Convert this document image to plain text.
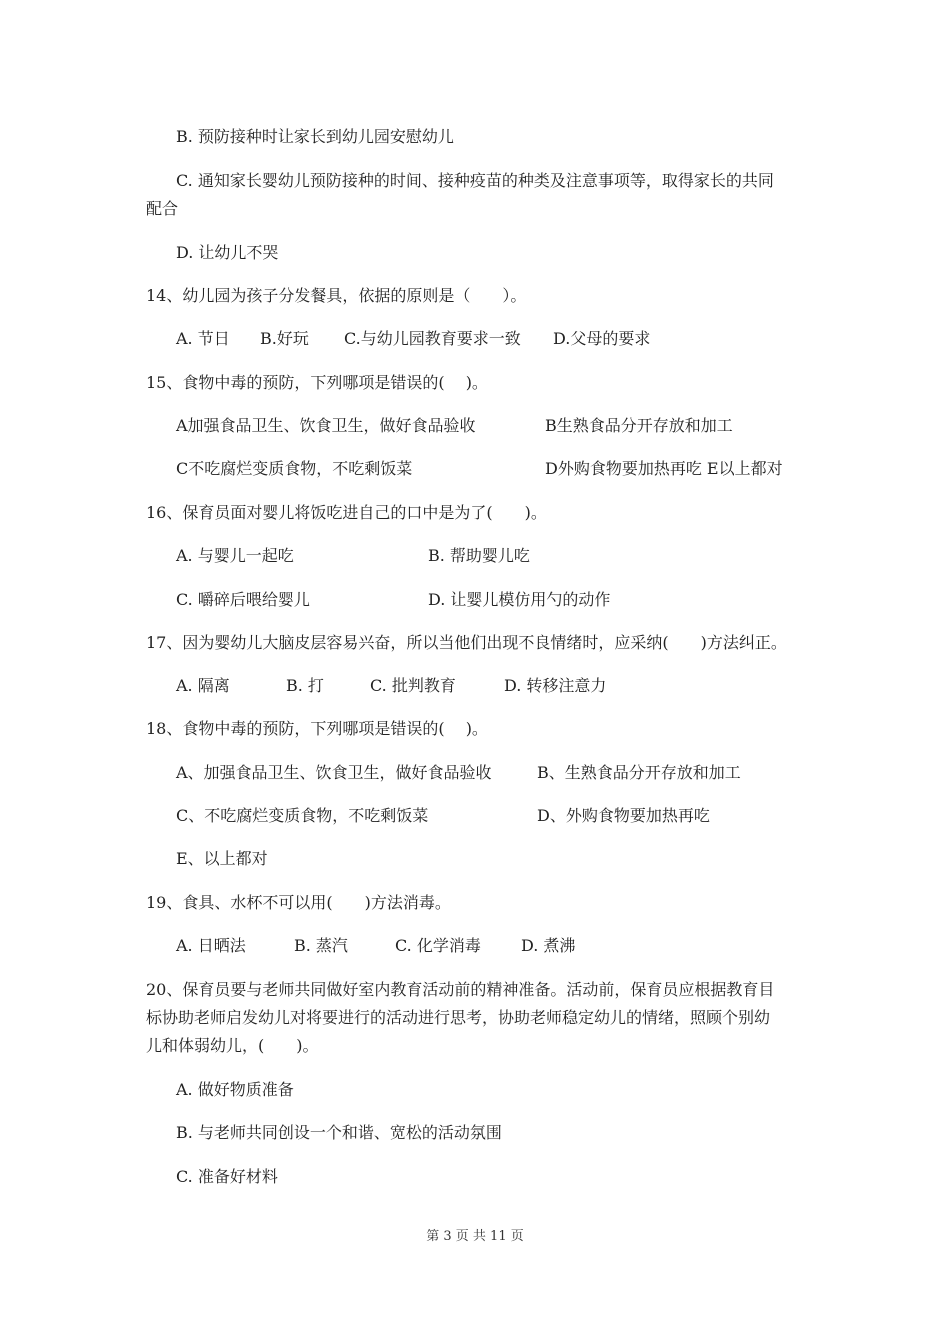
B. 预防接种时让家长到幼儿园安慰幼儿
C. 通知家长婴幼儿预防接种的时间、接种疫苗的种类及注意事项等，取得家长的共同
配合
D. 让幼儿不哭
14、幼儿园为孩子分发餐具，依据的原则是（　　）。
A. 节日 B.好玩 C.与幼儿园教育要求一致 D.父母的要求
15、食物中毒的预防，下列哪项是错误的(　 )。
A加强食品卫生、饮食卫生，做好食品验收	B生熟食品分开存放和加工
C不吃腐烂变质食物，不吃剩饭菜	D外购食物要加热再吃 E以上都对
16、保育员面对婴儿将饭吃进自己的口中是为了(　　)。
A. 与婴儿一起吃	B. 帮助婴儿吃
C. 嚼碎后喂给婴儿	D. 让婴儿模仿用勺的动作
17、因为婴幼儿大脑皮层容易兴奋，所以当他们出现不良情绪时，应采纳(　　)方法纠正。
A. 隔离	B. 打	C. 批判教育	D. 转移注意力
18、食物中毒的预防，下列哪项是错误的(　 )。
A、加强食品卫生、饮食卫生，做好食品验收	B、生熟食品分开存放和加工
C、不吃腐烂变质食物，不吃剩饭菜	D、外购食物要加热再吃
E、以上都对
19、食具、水杯不可以用(　　)方法消毒。
A. 日晒法	B. 蒸汽	C. 化学消毒	D. 煮沸
20、保育员要与老师共同做好室内教育活动前的精神准备。活动前，保育员应根据教育目
标协助老师启发幼儿对将要进行的活动进行思考，协助老师稳定幼儿的情绪，照顾个别幼
儿和体弱幼儿，(　　)。
A. 做好物质准备
B. 与老师共同创设一个和谐、宽松的活动氛围
C. 准备好材料
第 3 页 共 11 页
